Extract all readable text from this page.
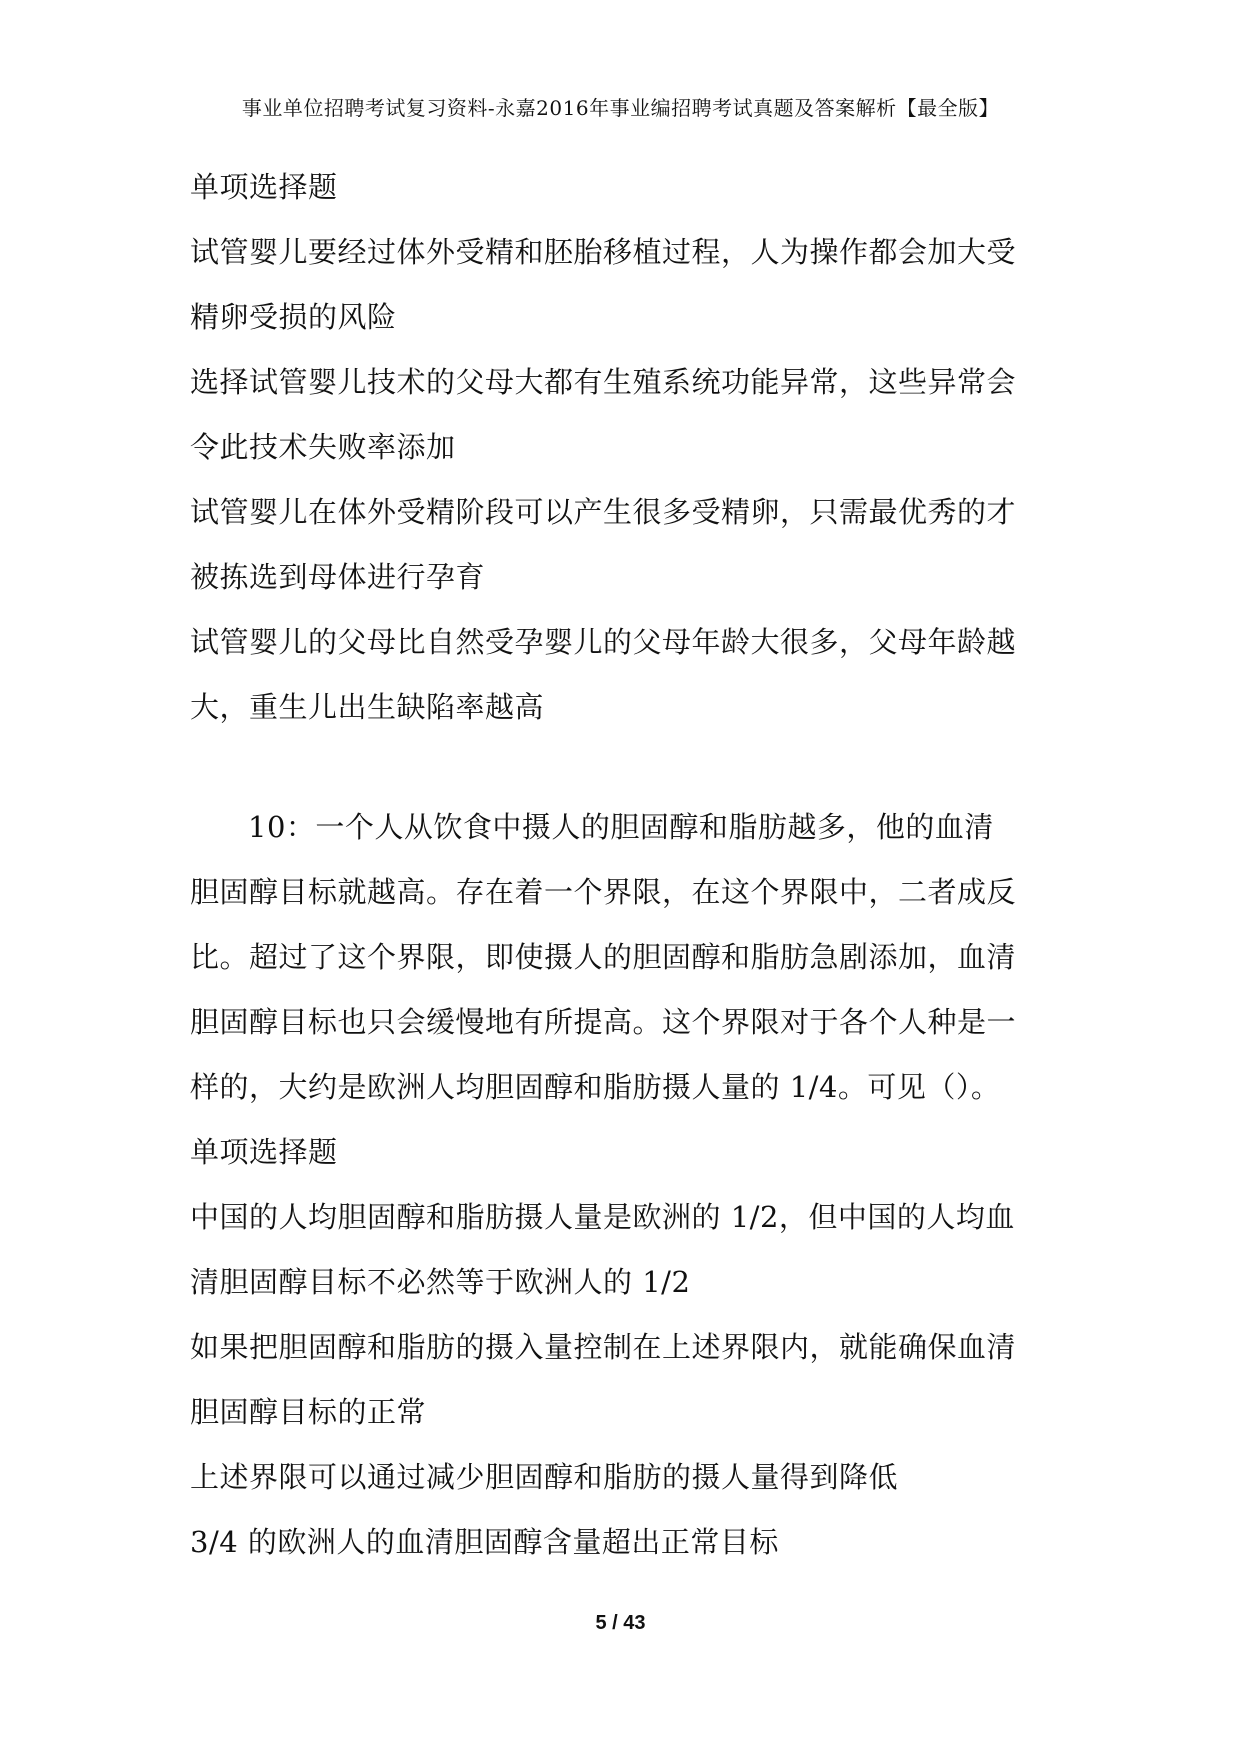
事业单位招聘考试复习资料-永嘉2016年事业编招聘考试真题及答案解析【最全版】
单项选择题
试管婴儿要经过体外受精和胚胎移植过程，人为操作都会加大受
精卵受损的风险
选择试管婴儿技术的父母大都有生殖系统功能异常，这些异常会
令此技术失败率添加
试管婴儿在体外受精阶段可以产生很多受精卵，只需最优秀的才
被拣选到母体进行孕育
试管婴儿的父母比自然受孕婴儿的父母年龄大很多，父母年龄越
大，重生儿出生缺陷率越高
10：一个人从饮食中摄人的胆固醇和脂肪越多，他的血清
胆固醇目标就越高。存在着一个界限，在这个界限中，二者成反
比。超过了这个界限，即使摄人的胆固醇和脂肪急剧添加，血清
胆固醇目标也只会缓慢地有所提高。这个界限对于各个人种是一
样的，大约是欧洲人均胆固醇和脂肪摄人量的 1/4。可见（）。
单项选择题
中国的人均胆固醇和脂肪摄人量是欧洲的 1/2，但中国的人均血
清胆固醇目标不必然等于欧洲人的 1/2
如果把胆固醇和脂肪的摄入量控制在上述界限内，就能确保血清
胆固醇目标的正常
上述界限可以通过减少胆固醇和脂肪的摄人量得到降低
3/4 的欧洲人的血清胆固醇含量超出正常目标
5 / 43
